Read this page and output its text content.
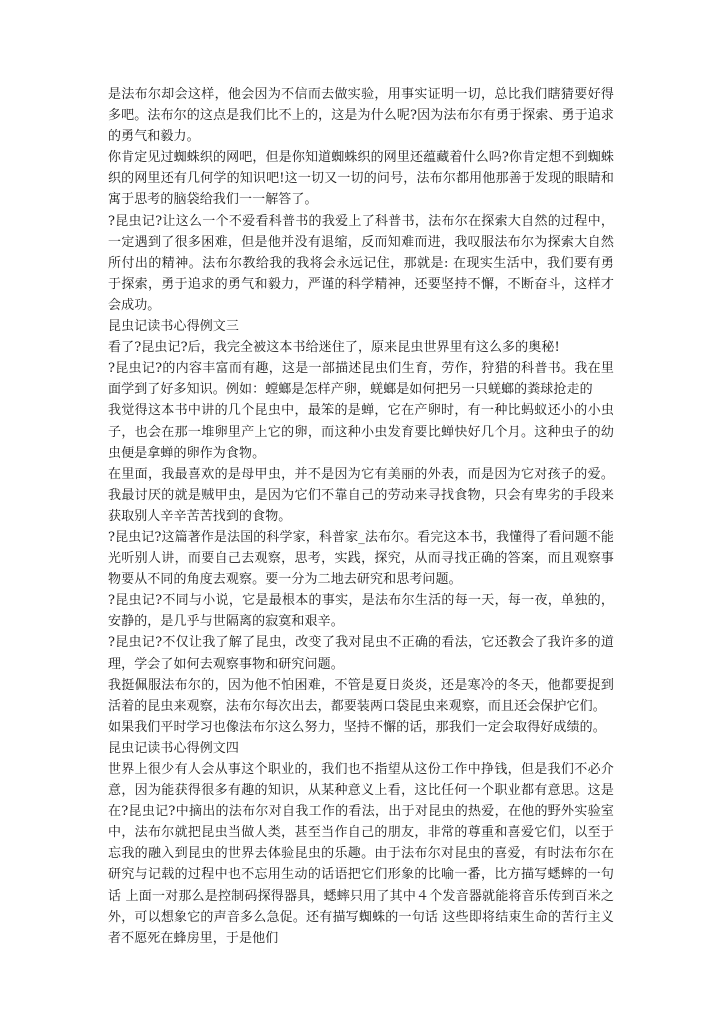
是法布尔却会这样，他会因为不信而去做实验，用事实证明一切，总比我们瞎猜要好得多吧。法布尔的这点是我们比不上的，这是为什么呢?因为法布尔有勇于探索、勇于追求的勇气和毅力。

你肯定见过蜘蛛织的网吧，但是你知道蜘蛛织的网里还蕴藏着什么吗?你肯定想不到蜘蛛织的网里还有几何学的知识吧!这一切又一切的问号，法布尔都用他那善于发现的眼睛和寓于思考的脑袋给我们一一解答了。

?昆虫记?让这么一个不爱看科普书的我爱上了科普书，法布尔在探索大自然的过程中，一定遇到了很多困难，但是他并没有退缩，反而知难而进，我叹服法布尔为探索大自然所付出的精神。法布尔教给我的我将会永远记住，那就是: 在现实生活中，我们要有勇于探索，勇于追求的勇气和毅力，严谨的科学精神，还要坚持不懈，不断奋斗，这样才会成功。

昆虫记读书心得例文三

看了?昆虫记?后，我完全被这本书给迷住了，原来昆虫世界里有这么多的奥秘!

?昆虫记?的内容丰富而有趣，这是一部描述昆虫们生育，劳作，狩猎的科普书。我在里面学到了好多知识。例如：螳螂是怎样产卵，蜣螂是如何把另一只蜣螂的粪球抢走的

我觉得这本书中讲的几个昆虫中，最笨的是蝉，它在产卵时，有一种比蚂蚁还小的小虫子，也会在那一堆卵里产上它的卵，而这种小虫发育要比蝉快好几个月。这种虫子的幼虫便是拿蝉的卵作为食物。

在里面，我最喜欢的是母甲虫，并不是因为它有美丽的外表，而是因为它对孩子的爱。我最讨厌的就是贼甲虫，是因为它们不靠自己的劳动来寻找食物，只会有卑劣的手段来获取别人辛辛苦苦找到的食物。

?昆虫记?这篇著作是法国的科学家，科普家_法布尔。看完这本书，我懂得了看问题不能光听别人讲，而要自己去观察，思考，实践，探究，从而寻找正确的答案，而且观察事物要从不同的角度去观察。要一分为二地去研究和思考问题。

?昆虫记?不同与小说，它是最根本的事实，是法布尔生活的每一天，每一夜，单独的，安静的，是几乎与世隔离的寂寞和艰辛。

?昆虫记?不仅让我了解了昆虫，改变了我对昆虫不正确的看法，它还教会了我许多的道理，学会了如何去观察事物和研究问题。

我挺佩服法布尔的，因为他不怕困难，不管是夏日炎炎，还是寒冷的冬天，他都要捉到活着的昆虫来观察，法布尔每次出去，都要装两口袋昆虫来观察，而且还会保护它们。

如果我们平时学习也像法布尔这么努力，坚持不懈的话，那我们一定会取得好成绩的。

昆虫记读书心得例文四

世界上很少有人会从事这个职业的，我们也不指望从这份工作中挣钱，但是我们不必介意，因为能获得很多有趣的知识，从某种意义上看，这比任何一个职业都有意思。这是在?昆虫记?中摘出的法布尔对自我工作的看法，出于对昆虫的热爱，在他的野外实验室中，法布尔就把昆虫当做人类，甚至当作自己的朋友，非常的尊重和喜爱它们，以至于忘我的融入到昆虫的世界去体验昆虫的乐趣。由于法布尔对昆虫的喜爱，有时法布尔在研究与记载的过程中也不忘用生动的话语把它们形象的比喻一番，比方描写蟋蟀的一句话 上面一对那么是控制码探得器具，蟋蟀只用了其中４个发音器就能将音乐传到百米之外，可以想象它的声音多么急促。还有描写蜘蛛的一句话 这些即将结束生命的苦行主义者不愿死在蜂房里，于是他们
